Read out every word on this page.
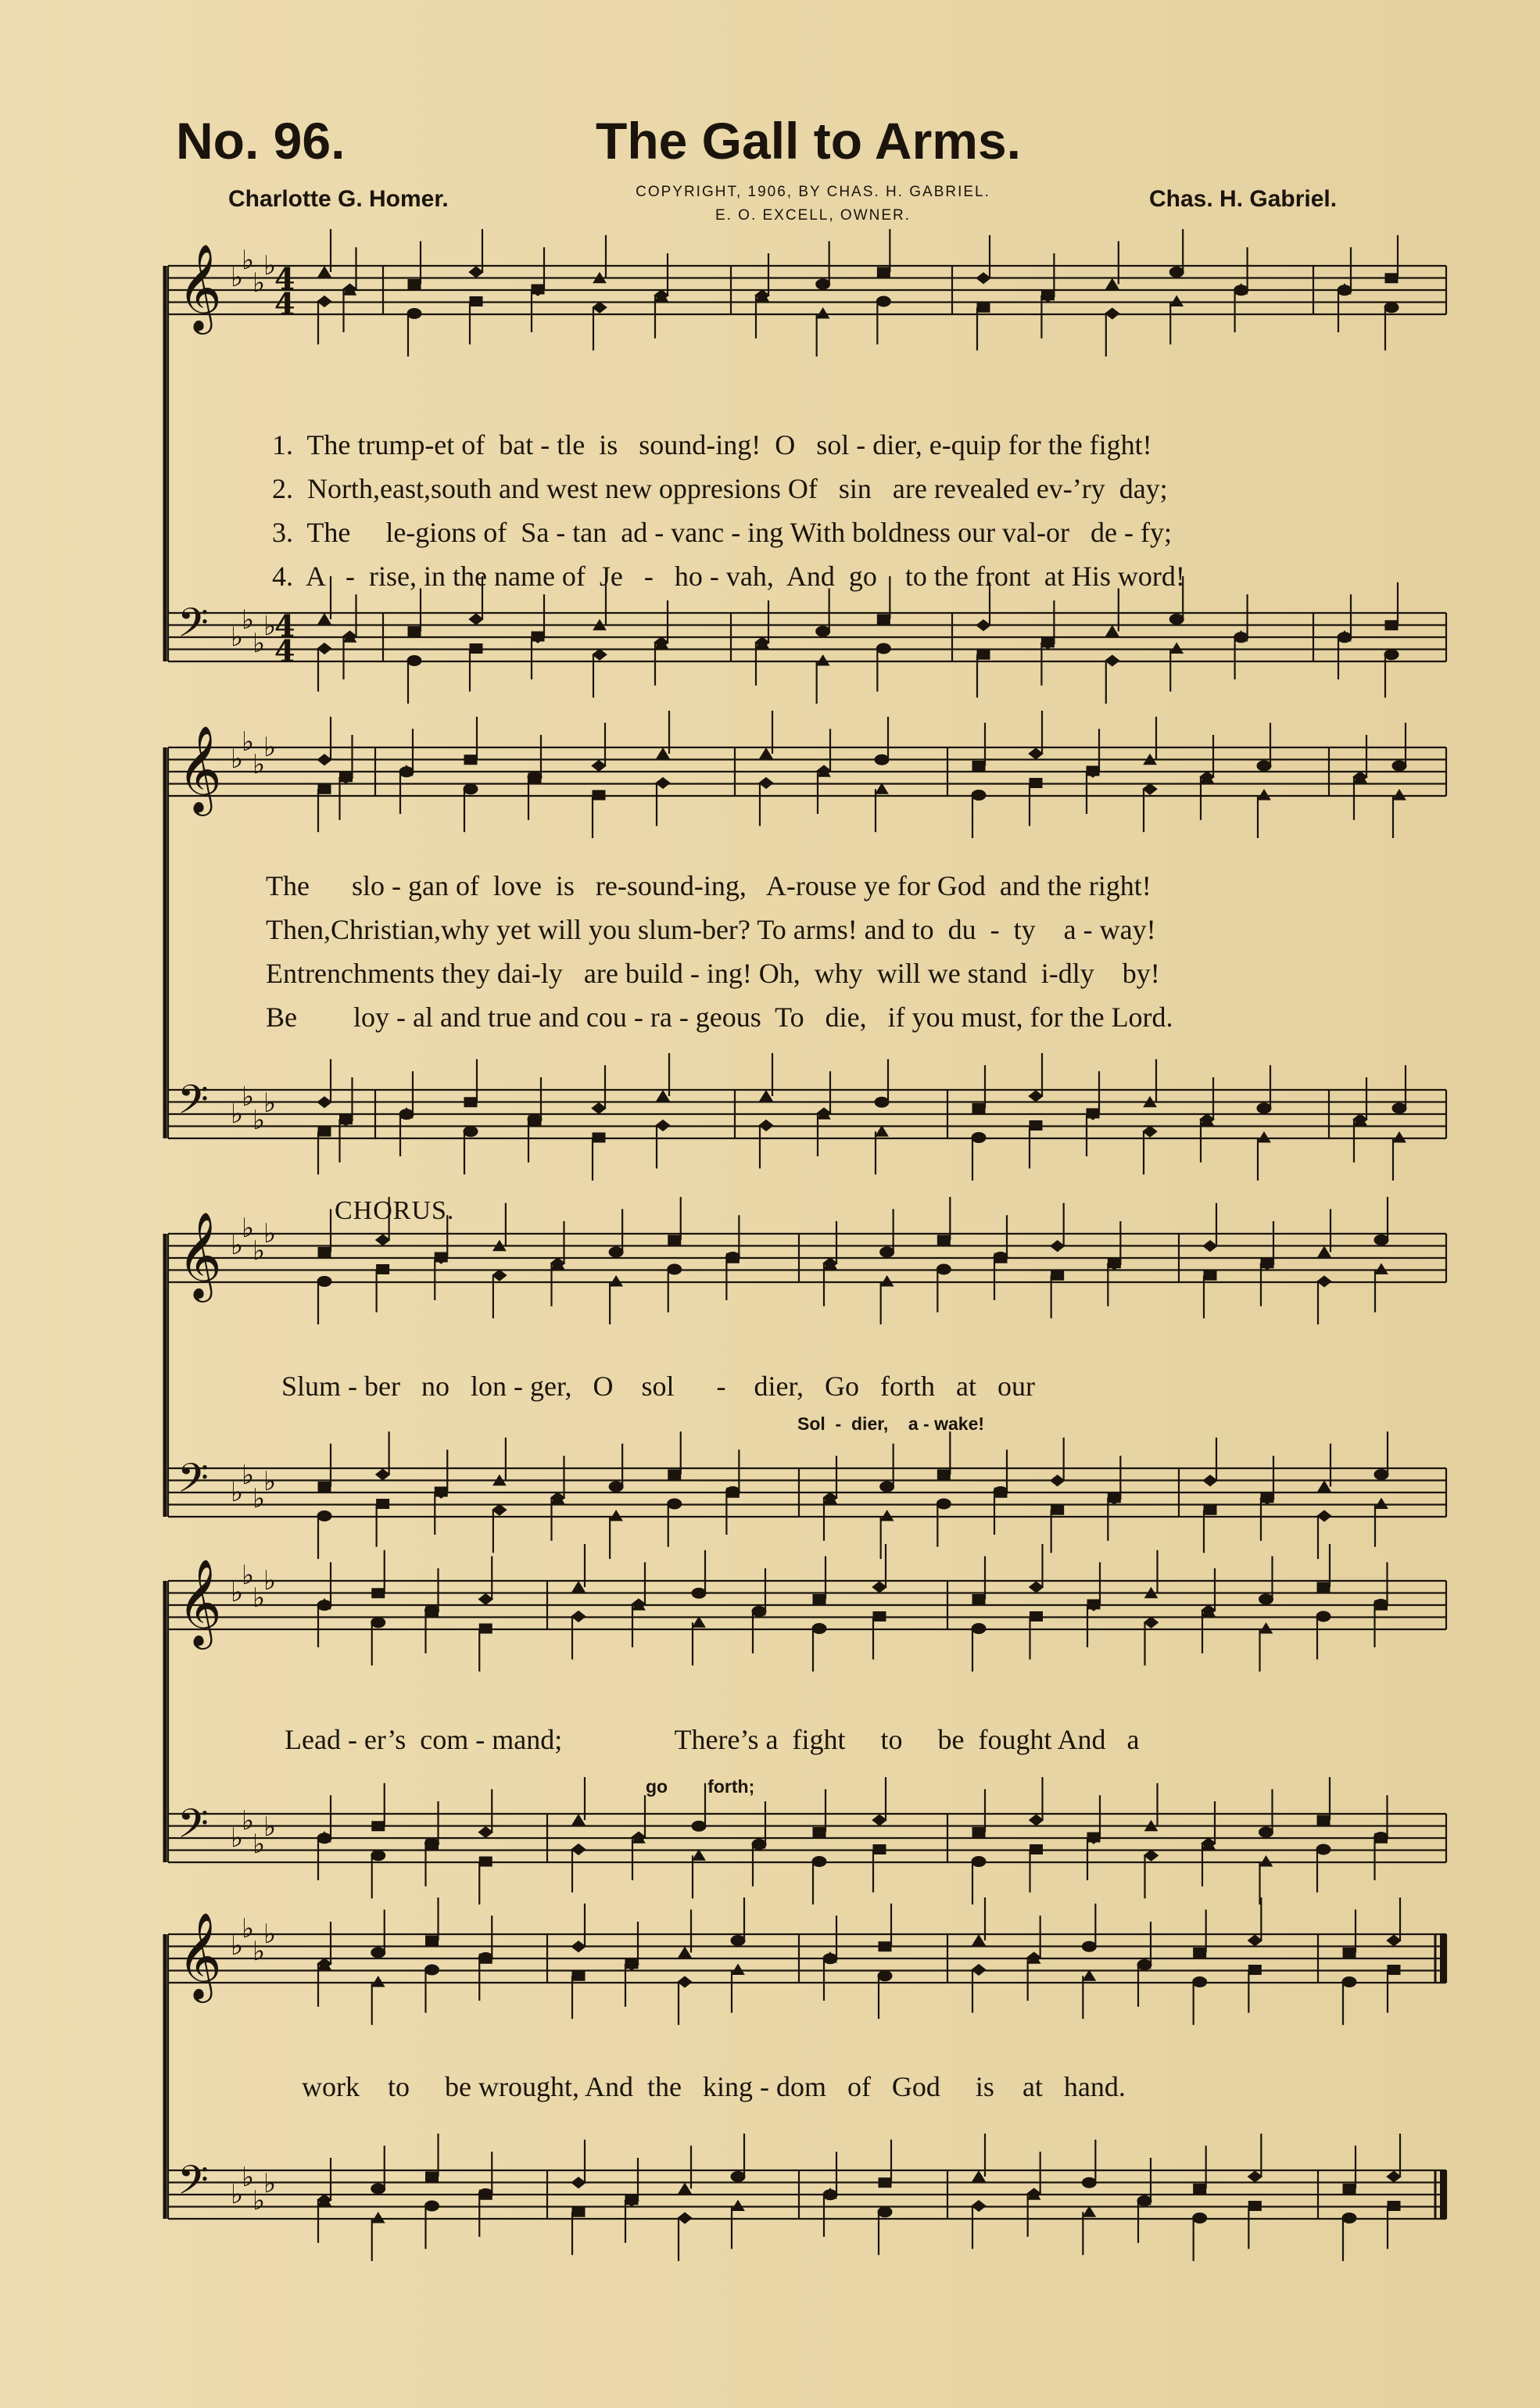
No. 96.	The Gall to Arms.
Charlotte G. Homer.	Chas. H. Gabriel.
COPYRIGHT, 1906, BY CHAS. H. GABRIEL.
E. O. EXCELL, OWNER.
𝄞 ♭
♭
♭
♭
4
4
𝄢 ♭
♭
♭
♭
4
4
𝄞 ♭
♭
♭
♭
𝄢 ♭
♭
♭
♭
𝄞 ♭
♭
♭
♭
𝄢 ♭
♭
♭
♭
𝄞 ♭
♭
♭
♭
𝄢 ♭
♭
♭
♭
𝄞 ♭
♭
♭
♭
𝄢 ♭
♭
♭
♭

1. The trump-et of  bat - tle  is   sound-ing!  O   sol - dier, e-quip for the fight!

2. North,east,south and west new oppresions Of   sin   are revealed ev-’ry  day;

3. The     le-gions of  Sa - tan  ad - vanc - ing With boldness our val-or   de - fy;

4. A   -  rise, in the name of  Je   -   ho - vah,  And  go    to the front  at His word!

The      slo - gan of  love  is   re-sound-ing,   A-rouse ye for God  and the right!
Then,Christian,why yet will you slum-ber? To arms! and to  du  -  ty    a - way!
Entrenchments they dai-ly   are build - ing! Oh,  why  will we stand  i-dly    by!
Be        loy - al and true and cou - ra - geous  To   die,   if you must, for the Lord.
CHORUS.
Slum - ber   no   lon - ger,   O    sol      -    dier,   Go   forth   at   our
Sol  -  dier,    a - wake!
Lead - er’s  com - mand;                There’s a  fight     to     be  fought And   a
go        forth;
work    to     be wrought, And  the   king - dom   of   God     is    at   hand.
